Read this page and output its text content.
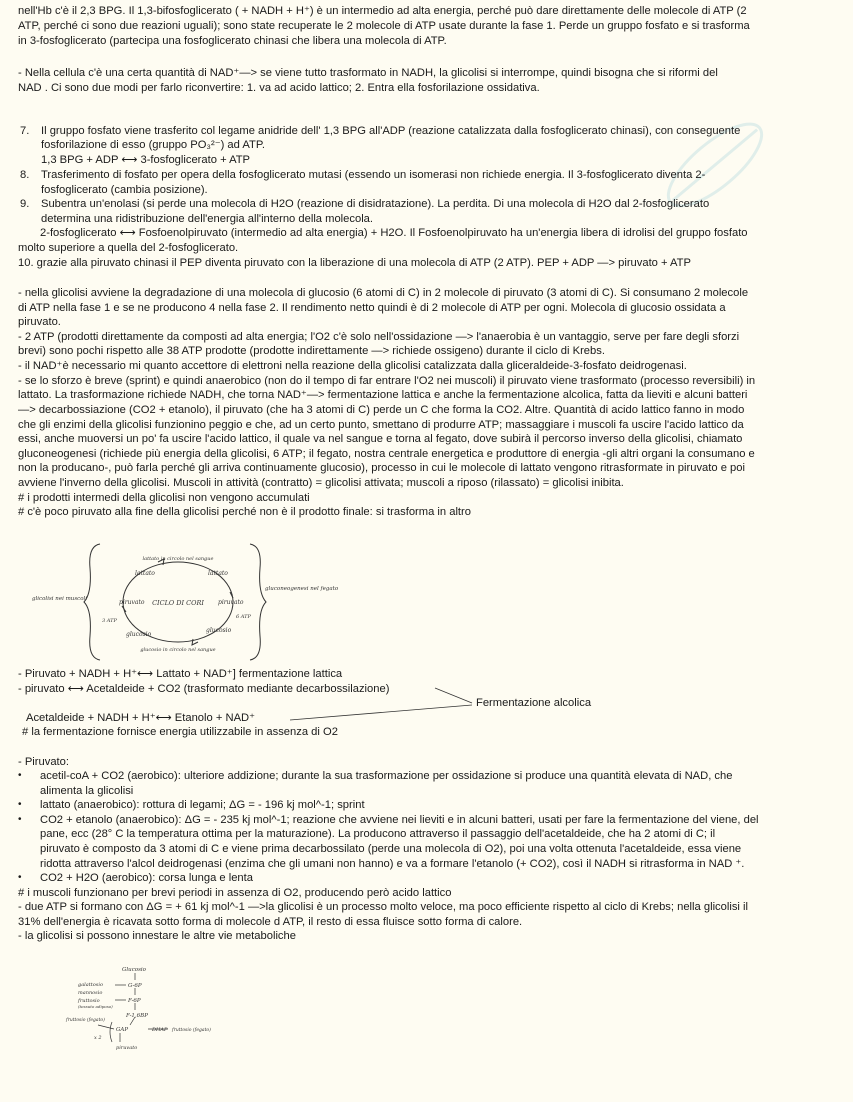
nell'Hb c'è il 2,3 BPG. Il 1,3-bifosfoglicerato ( + NADH + H⁺) è un intermedio ad alta energia, perché può dare direttamente delle molecole di ATP (2
ATP, perché ci sono due reazioni uguali); sono state recuperate le 2 molecole di ATP usate durante la fase 1. Perde un gruppo fosfato e si trasforma
in 3-fosfoglicerato (partecipa una fosfoglicerato chinasi che libera una molecola di ATP.
- Nella cellula c'è una certa quantità di NAD⁺—> se viene tutto trasformato in NADH, la glicolisi si interrompe, quindi bisogna che si riformi del
NAD . Ci sono due modi per farlo riconvertire: 1. va ad acido lattico; 2. Entra ella fosforilazione ossidativa.
7. Il gruppo fosfato viene trasferito col legame anidride dell' 1,3 BPG all'ADP (reazione catalizzata dalla fosfoglicerato chinasi), con conseguente
fosforilazione di esso (gruppo PO₃²⁻) ad ATP.
1,3 BPG + ADP ⟷ 3-fosfoglicerato + ATP
8. Trasferimento di fosfato per opera della fosfoglicerato mutasi (essendo un isomerasi non richiede energia. Il 3-fosfoglicerato diventa 2-
fosfoglicerato (cambia posizione).
9. Subentra un'enolasi (si perde una molecola di H2O (reazione di disidratazione). La perdita. Di una molecola di H2O dal 2-fosfoglicerato
determina una ridistribuzione dell'energia all'interno della molecola.
2-fosfoglicerato ⟷ Fosfoenolpiruvato (intermedio ad alta energia) + H2O. Il Fosfoenolpiruvato ha un'energia libera di idrolisi del gruppo fosfato
molto superiore a quella del 2-fosfoglicerato.
10. grazie alla piruvato chinasi il PEP diventa piruvato con la liberazione di una molecola di ATP (2 ATP). PEP + ADP —> piruvato + ATP
- nella glicolisi avviene la degradazione di una molecola di glucosio (6 atomi di C) in 2 molecole di piruvato (3 atomi di C). Si consumano 2 molecole
di ATP nella fase 1 e se ne producono 4 nella fase 2. Il rendimento netto quindi è di 2 molecole di ATP per ogni. Molecola di glucosio ossidata a
piruvato.
- 2 ATP (prodotti direttamente da composti ad alta energia; l'O2 c'è solo nell'ossidazione —> l'anaerobia è un vantaggio, serve per fare degli sforzi
brevi) sono pochi rispetto alle 38 ATP prodotte (prodotte indirettamente —> richiede ossigeno) durante il ciclo di Krebs.
- il NAD⁺è necessario mi quanto accettore di elettroni nella reazione della glicolisi catalizzata dalla gliceraldeide-3-fosfato deidrogenasi.
- se lo sforzo è breve (sprint) e quindi anaerobico (non do il tempo di far entrare l'O2 nei muscoli) il piruvato viene trasformato (processo reversibili) in
lattato. La trasformazione richiede NADH, che torna NAD⁺—> fermentazione lattica e anche la fermentazione alcolica, fatta da lieviti e alcuni batteri
—> decarbossiazione (CO2 + etanolo), il piruvato (che ha 3 atomi di C) perde un C che forma la CO2. Altre. Quantità di acido lattico fanno in modo
che gli enzimi della glicolisi funzionino peggio e che, ad un certo punto, smettano di produrre ATP; massaggiare i muscoli fa uscire l'acido lattico da
essi, anche muoversi un po' fa uscire l'acido lattico, il quale va nel sangue e torna al fegato, dove subirà il percorso inverso della glicolisi, chiamato
gluconeogenesi (richiede più energia della glicolisi, 6 ATP; il fegato, nostra centrale energetica e produttore di energia -gli altri organi la consumano e
non la producano-, può farla perché gli arriva continuamente glucosio), processo in cui le molecole di lattato vengono ritrasformate in piruvato e poi
avviene l'inverno della glicolisi. Muscoli in attività (contratto) = glicolisi attivata; muscoli a riposo (rilassato) = glicolisi inibita.
# i prodotti intermedi della glicolisi non vengono accumulati
# c'è poco piruvato alla fine della glicolisi perché non è il prodotto finale: si trasforma in altro
CICLO DI CORI
lattato in circolo nel sangue
glucosio in circolo nel sangue
glicolisi nei muscoli
gluconeogenesi nel fegato
lattato	lattato
piruvato	piruvato
glucosio
glucosio
3 ATP
6 ATP
- Piruvato + NADH + H⁺⟷ Lattato + NAD⁺] fermentazione lattica
- piruvato ⟷ Acetaldeide + CO2 (trasformato mediante decarbossilazione)
Fermentazione alcolica
Acetaldeide + NADH + H⁺⟷ Etanolo + NAD⁺
# la fermentazione fornisce energia utilizzabile in assenza di O2
- Piruvato:
• acetil-coA + CO2 (aerobico): ulteriore addizione; durante la sua trasformazione per ossidazione si produce una quantità elevata di NAD, che
alimenta la glicolisi
• lattato (anaerobico): rottura di legami; ΔG = - 196 kj mol^-1; sprint
• CO2 + etanolo (anaerobico): ΔG = - 235 kj mol^-1; reazione che avviene nei lieviti e in alcuni batteri, usati per fare la fermentazione del viene, del
pane, ecc (28° C la temperatura ottima per la maturazione). La producono attraverso il passaggio dell'acetaldeide, che ha 2 atomi di C; il
piruvato è composto da 3 atomi di C e viene prima decarbossilato (perde una molecola di O2), poi una volta ottenuta l'acetaldeide, essa viene
ridotta attraverso l'alcol deidrogenasi (enzima che gli umani non hanno) e va a formare l'etanolo (+ CO2), così il NADH si ritrasforma in NAD ⁺.
• CO2 + H2O (aerobico): corsa lunga e lenta
# i muscoli funzionano per brevi periodi in assenza di O2, producendo però acido lattico
- due ATP si formano con ΔG = + 61 kj mol^-1 —>la glicolisi è un processo molto veloce, ma poco efficiente rispetto al ciclo di Krebs; nella glicolisi il
31% dell'energia è ricavata sotto forma di molecole d ATP, il resto di essa fluisce sotto forma di calore.
- la glicolisi si possono innestare le altre vie metaboliche
Glucosio
G-6P
F-6P
F-1,6BP
GAP	DHAP
piruvato
galattosio
mannosio
fruttosio
(tessuto adiposo)
fruttosio (fegato)
fruttosio (fegato)
x 2
